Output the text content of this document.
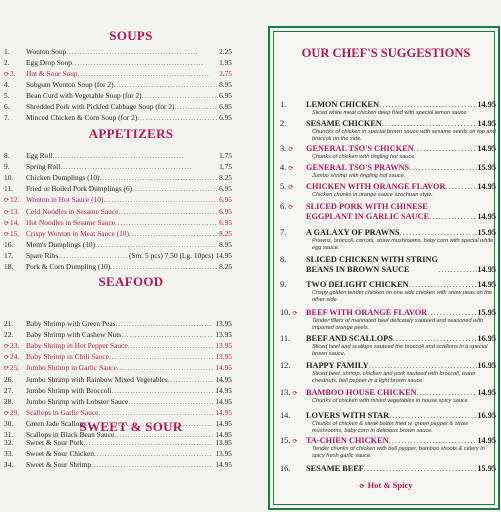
SOUPS
1.	Wonton Soup . . .	2.25
2.	Egg Drop Soup . . .	1.95
⟳3.	Hot & Sour Soup . . .	2.75
4.	Subgum Wonton Soup (for 2) . . .	8.95
5.	Bean Curd with Vegetable Soup (for 2) . . .	6.95
6.	Shredded Pork with Pickled Cabbage Soup (for 2) . . .	6.95
7.	Minced Chicken & Corn Soup (for 2) . . .	6.95
APPETIZERS
8.	Egg Roll . . .	1.75
9.	Spring Roll . . .	1.75
10.	Chicken Dumplings (10) . . .	8.25
11.	Fried or Boiled Pork Dumplings (6) . . .	6.95
⟳12. Wonton in Hot Sauce (10) . . .	6.95
⟳13. Cold Noodles in Sesame Sauce . . .	6.95
⟳14. Hot Noodles in Sesame Sauce . . .	6.95
⟳15. Crispy Wonton in Meat Sauce (10) . . .	8.25
16.	Mom's Dumplings (10) . . .	8.95
17.	Spare Ribs . . .	(Sm. 5 pcs) 7.50 (Lg. 10pcs) 14.95
18.	Pork & Corn Dumpling (10) . . .	8.25
SEAFOOD
21.	Baby Shrimp with Green Peas . . .	13.95
22.	Baby Shrimp with Cashew Nuts . . .	13.95
⟳23. Baby Shrimp in Hot Pepper Sauce . . .	13.95
⟳24. Baby Shrimp in Chili Sauce . . .	13.95
⟳25. Jumbo Shrimp in Garlic Sauce . . .	14.95
26.	Jumbo Shrimp with Rainbow Mixed Vegetables . . .	14.95
27.	Jumbo Shrimp with Broccoli . . .	14.95
28.	Jumbo Shrimp with Lobster Sauce . . .	14.95
⟳29. Scallops in Garlic Sauce . . .	14.95
30.	Green Jade Scallops . . .	14.95
31.	Scallops in Black Bean Sauce . . .	14.95
SWEET & SOUR
32.	Sweet & Sour Pork . . .	13.95
33.	Sweet & Sour Chicken . . .	13.95
34.	Sweet & Sour Shrimp . . .	14.95
OUR CHEF'S SUGGESTIONS
1.	LEMON CHICKEN . . .	14.95
Sliced white meat chicken deep fried with special lemon sauce
2.	SESAME CHICKEN . . .	14.95
Chuncks of chicken in special brown sauce with sesame seeds on top and broccoli on the side.
3. ⟳	GENERAL TSO'S CHICKEN . . .	14.95
Chunks of chicken with tingling hot sauce.
4. ⟳	GENERAL TSO'S PRAWNS . . .	15.95
Jumbo shrimp with tingling hot sauce.
5. ⟳	CHICKEN WITH ORANGE FLAVOR . . .	14.95
Chicken chunks in orange sauce szechuan style.
6. ⟳	SLICED PORK WITH CHINESE
EGGPLANT IN GARLIC SAUCE . . .	14.95
7.	A GALAXY OF PRAWNS . . .	15.95
Prawns, broccoli, carrots, straw mushrooms, baby corn with special white egg sauce.
8.	SLICED CHICKEN WITH STRING
BEANS IN BROWN SAUCE . . .	14.95
9.	TWO DELIGHT CHICKEN . . .	14.95
Crispy golden tender chicken on one side chicken with snow peas on the other side.
10. ⟳	BEEF WITH ORANGE FLAVOR . . .	15.95
Tender fillets of marinated beef delicately sauteed and seasoned with imported orange peels.
11.	BEEF AND SCALLOPS . . .	16.95
Sliced beef and scallops sauteed the broccoli and scallions in a special brown sauce.
12.	HAPPY FAMILY . . .	16.95
Sliced beef, shrimp, chicken and pork sauteed with broccoli, water chestnuts, bell pepper in a light brown sauce.
13. ⟳	BAMBOO HOUSE CHICKEN . . .	14.95
Chunks of chicken with mixed vegetables in house spicy sauce
14.	LOVERS WITH STAR . . .	16.95
Chunks of chicken & steak batter fried w. green pepper & straw mushrooms, baby corn in delicious brown sauce.
15. ⟳	TA-CHIEN CHICKEN . . .	14.95
Tender chunks of chicken with bell pepper, bamboo shoots & celery in spicy fresh garlic sauce.
16.	SESAME BEEF . . .	15.95
⟳ Hot & Spicy
